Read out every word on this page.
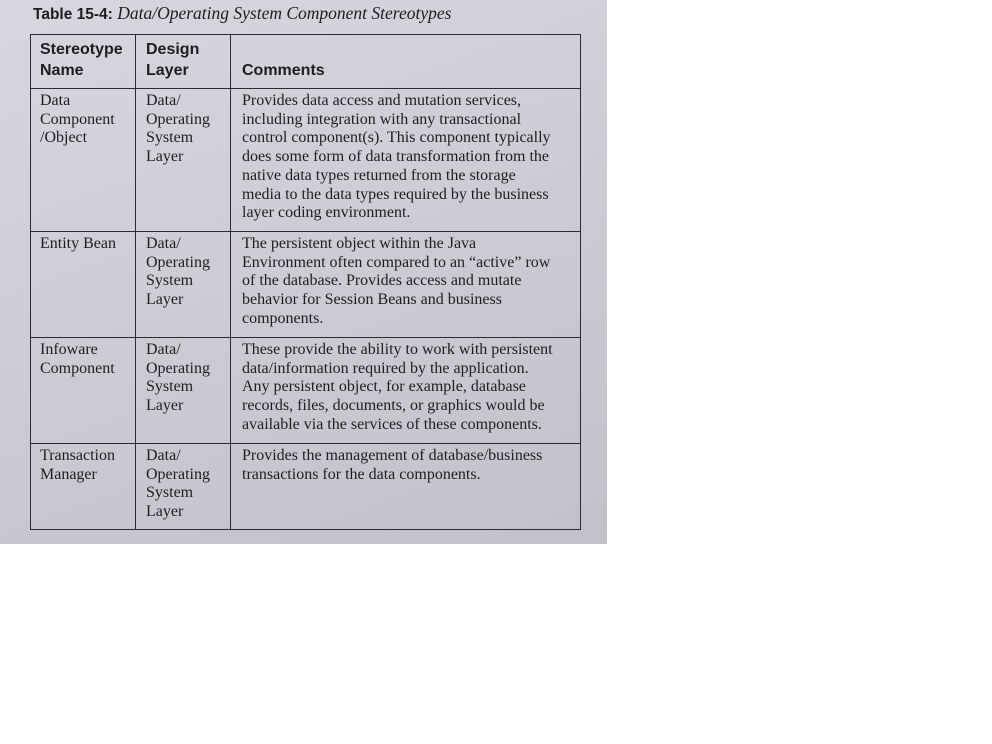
Table 15-4: Data/Operating System Component Stereotypes
Stereotype
Name
Design
Layer	Comments
Data
Component
/Object
Data/
Operating
System
Layer
Provides data access and mutation services,
including integration with any transactional
control component(s). This component typically
does some form of data transformation from the
native data types returned from the storage
media to the data types required by the business
layer coding environment.
Entity Bean	Data/
Operating
System
Layer
The persistent object within the Java
Environment often compared to an “active” row
of the database. Provides access and mutate
behavior for Session Beans and business
components.
Infoware
Component
Data/
Operating
System
Layer
These provide the ability to work with persistent
data/information required by the application.
Any persistent object, for example, database
records, files, documents, or graphics would be
available via the services of these components.
Transaction
Manager
Data/
Operating
System
Layer
Provides the management of database/business
transactions for the data components.
